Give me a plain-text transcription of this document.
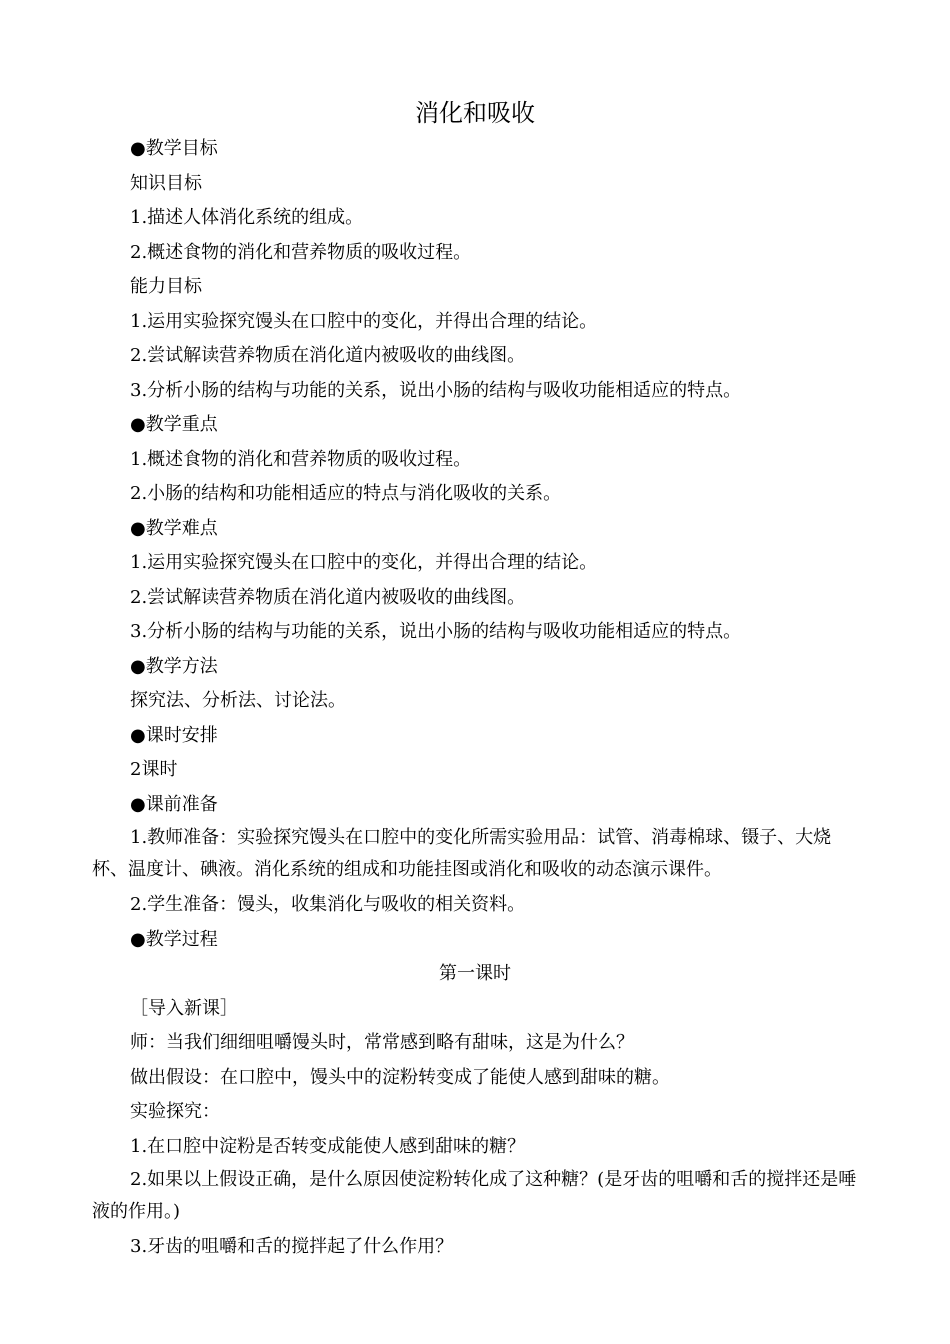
消化和吸收

●教学目标

知识目标

1.描述人体消化系统的组成。

2.概述食物的消化和营养物质的吸收过程。

能力目标

1.运用实验探究馒头在口腔中的变化，并得出合理的结论。

2.尝试解读营养物质在消化道内被吸收的曲线图。

3.分析小肠的结构与功能的关系，说出小肠的结构与吸收功能相适应的特点。

●教学重点

1.概述食物的消化和营养物质的吸收过程。

2.小肠的结构和功能相适应的特点与消化吸收的关系。

●教学难点

1.运用实验探究馒头在口腔中的变化，并得出合理的结论。

2.尝试解读营养物质在消化道内被吸收的曲线图。

3.分析小肠的结构与功能的关系，说出小肠的结构与吸收功能相适应的特点。

●教学方法

探究法、分析法、讨论法。

●课时安排

2课时

●课前准备

1.教师准备：实验探究馒头在口腔中的变化所需实验用品：试管、消毒棉球、镊子、大烧杯、温度计、碘液。消化系统的组成和功能挂图或消化和吸收的动态演示课件。

2.学生准备：馒头，收集消化与吸收的相关资料。

●教学过程

第一课时

［导入新课］

师：当我们细细咀嚼馒头时，常常感到略有甜味，这是为什么？

做出假设：在口腔中，馒头中的淀粉转变成了能使人感到甜味的糖。

实验探究：

1.在口腔中淀粉是否转变成能使人感到甜味的糖？

2.如果以上假设正确，是什么原因使淀粉转化成了这种糖？(是牙齿的咀嚼和舌的搅拌还是唾液的作用。)

3.牙齿的咀嚼和舌的搅拌起了什么作用？
